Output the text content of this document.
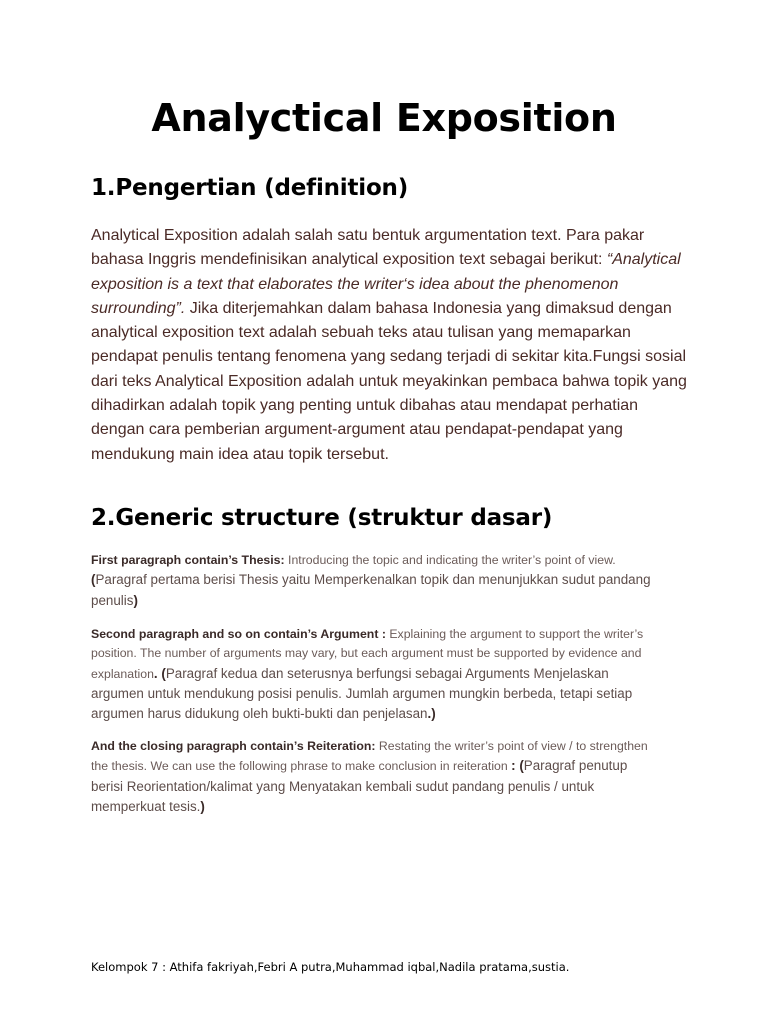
Analyctical Exposition
1.Pengertian (definition)

Analytical Exposition adalah salah satu bentuk argumentation text. Para pakar bahasa Inggris mendefinisikan analytical exposition text sebagai berikut: “Analytical exposition is a text that elaborates the writer‘s idea about the phenomenon surrounding”. Jika diterjemahkan dalam bahasa Indonesia yang dimaksud dengan analytical exposition text adalah sebuah teks atau tulisan yang memaparkan pendapat penulis tentang fenomena yang sedang terjadi di sekitar kita.Fungsi sosial dari teks Analytical Exposition adalah untuk meyakinkan pembaca bahwa topik yang dihadirkan adalah topik yang penting untuk dibahas atau mendapat perhatian dengan cara pemberian argument-argument atau pendapat-pendapat yang mendukung main idea atau topik tersebut.

2.Generic structure (struktur dasar)

First paragraph contain’s Thesis: Introducing the topic and indicating the writer’s point of view. (Paragraf pertama berisi Thesis yaitu Memperkenalkan topik dan menunjukkan sudut pandang penulis)

Second paragraph and so on contain’s Argument : Explaining the argument to support the writer’s position. The number of arguments may vary, but each argument must be supported by evidence and explanation. (Paragraf kedua dan seterusnya berfungsi sebagai Arguments Menjelaskan argumen untuk mendukung posisi penulis. Jumlah argumen mungkin berbeda, tetapi setiap argumen harus didukung oleh bukti-bukti dan penjelasan.)

And the closing paragraph contain’s Reiteration: Restating the writer’s point of view / to strengthen the thesis. We can use the following phrase to make conclusion in reiteration : (Paragraf penutup berisi Reorientation/kalimat yang Menyatakan kembali sudut pandang penulis / untuk memperkuat tesis.)

Kelompok 7 : Athifa fakriyah,Febri A putra,Muhammad iqbal,Nadila pratama,sustia.
